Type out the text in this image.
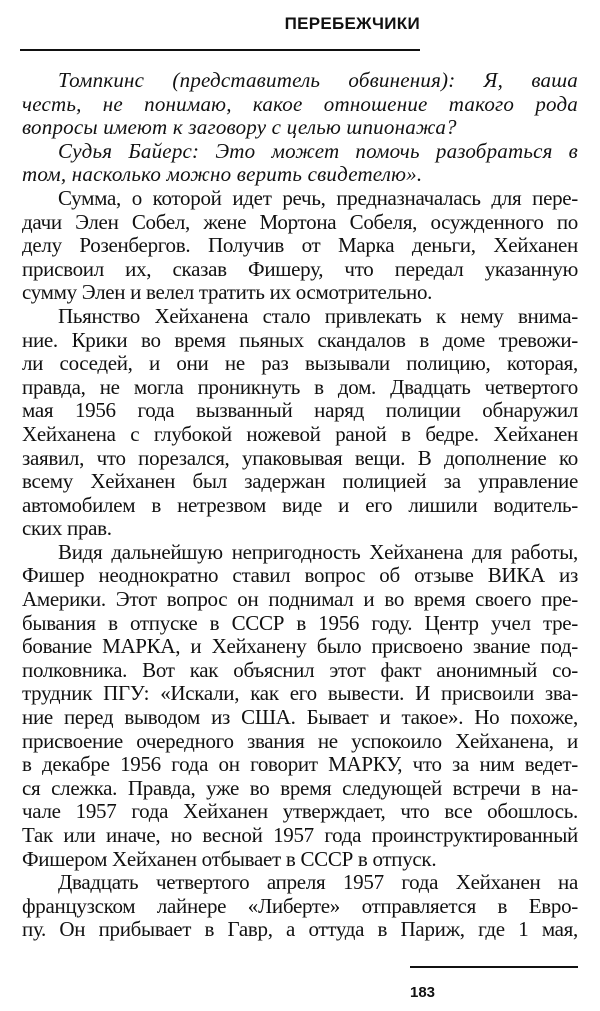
ПЕРЕБЕЖЧИКИ
Томпкинс (представитель обвинения): Я, ваша
честь, не понимаю, какое отношение такого рода
вопросы имеют к заговору с целью шпионажа?
Судья Байерс: Это может помочь разобраться в
том, насколько можно верить свидетелю».
Сумма, о которой идет речь, предназначалась для пере-
дачи Элен Собел, жене Мортона Собеля, осужденного по
делу Розенбергов. Получив от Марка деньги, Хейханен
присвоил их, сказав Фишеру, что передал указанную
сумму Элен и велел тратить их осмотрительно.
Пьянство Хейханена стало привлекать к нему внима-
ние. Крики во время пьяных скандалов в доме тревожи-
ли соседей, и они не раз вызывали полицию, которая,
правда, не могла проникнуть в дом. Двадцать четвертого
мая 1956 года вызванный наряд полиции обнаружил
Хейханена с глубокой ножевой раной в бедре. Хейханен
заявил, что порезался, упаковывая вещи. В дополнение ко
всему Хейханен был задержан полицией за управление
автомобилем в нетрезвом виде и его лишили водитель-
ских прав.
Видя дальнейшую непригодность Хейханена для работы,
Фишер неоднократно ставил вопрос об отзыве ВИКА из
Америки. Этот вопрос он поднимал и во время своего пре-
бывания в отпуске в СССР в 1956 году. Центр учел тре-
бование МАРКА, и Хейханену было присвоено звание под-
полковника. Вот как объяснил этот факт анонимный со-
трудник ПГУ: «Искали, как его вывести. И присвоили зва-
ние перед выводом из США. Бывает и такое». Но похоже,
присвоение очередного звания не успокоило Хейханена, и
в декабре 1956 года он говорит МАРКУ, что за ним ведет-
ся слежка. Правда, уже во время следующей встречи в на-
чале 1957 года Хейханен утверждает, что все обошлось.
Так или иначе, но весной 1957 года проинструктированный
Фишером Хейханен отбывает в СССР в отпуск.
Двадцать четвертого апреля 1957 года Хейханен на
французском лайнере «Либерте» отправляется в Евро-
пу. Он прибывает в Гавр, а оттуда в Париж, где 1 мая,
183
